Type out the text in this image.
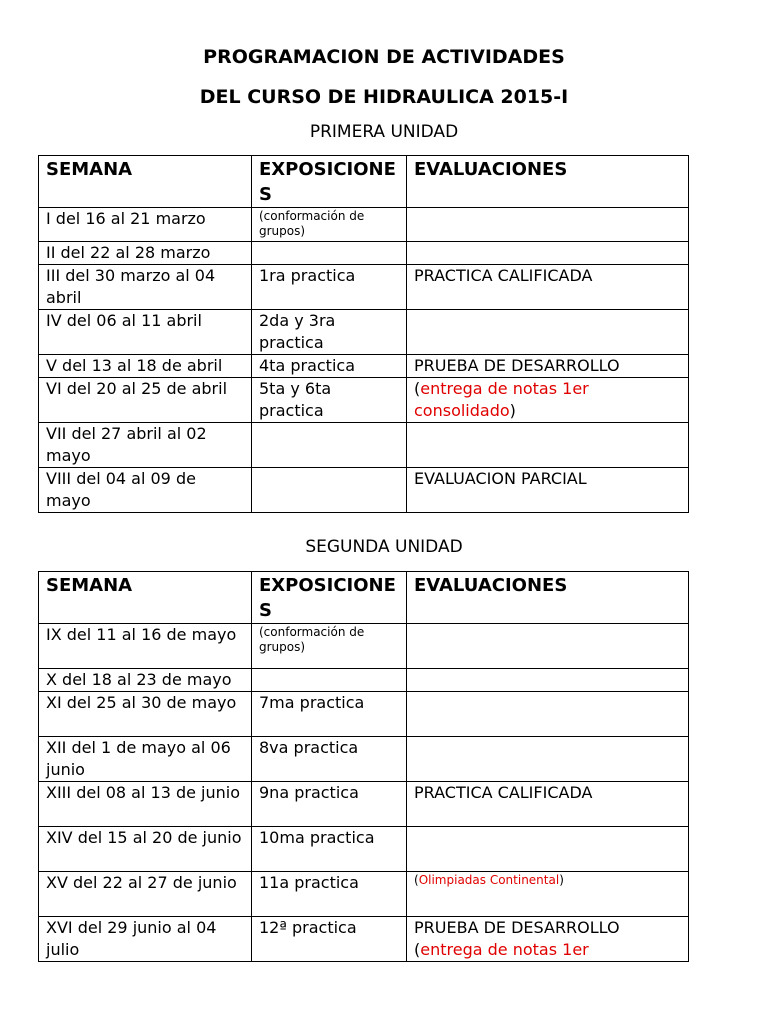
PROGRAMACION DE ACTIVIDADES
DEL CURSO DE HIDRAULICA 2015-I
PRIMERA UNIDAD
SEMANA	EXPOSICIONES	EVALUACIONES
I del 16 al 21 marzo	(conformación de grupos)	

II del 22 al 28 marzo		
III del 30 marzo al 04 abril	1ra practica	PRACTICA CALIFICADA
IV del 06 al 11 abril	2da y 3ra practica	
V del 13 al 18 de abril	4ta practica	PRUEBA DE DESARROLLO
VI del 20 al 25 de abril	5ta y 6ta practica	(entrega de notas 1er consolidado)
VII del 27 abril al 02 mayo		
VIII del 04 al 09 de mayo		EVALUACION PARCIAL
SEGUNDA UNIDAD
SEMANA	EXPOSICIONES	EVALUACIONES
IX del 11 al 16 de mayo	(conformación de grupos)	

X del 18 al 23 de mayo		
XI del 25 al 30 de mayo	7ma practica	
XII del 1 de mayo al 06 junio	8va practica	
XIII del 08 al 13 de junio	9na practica	PRACTICA CALIFICADA
XIV del 15 al 20 de junio	10ma practica	
XV del 22 al 27 de junio	11a practica	(Olimpiadas Continental)

XVI del 29 junio al 04 julio	12ª practica	PRUEBA DE DESARROLLO
(entrega de notas 1er
